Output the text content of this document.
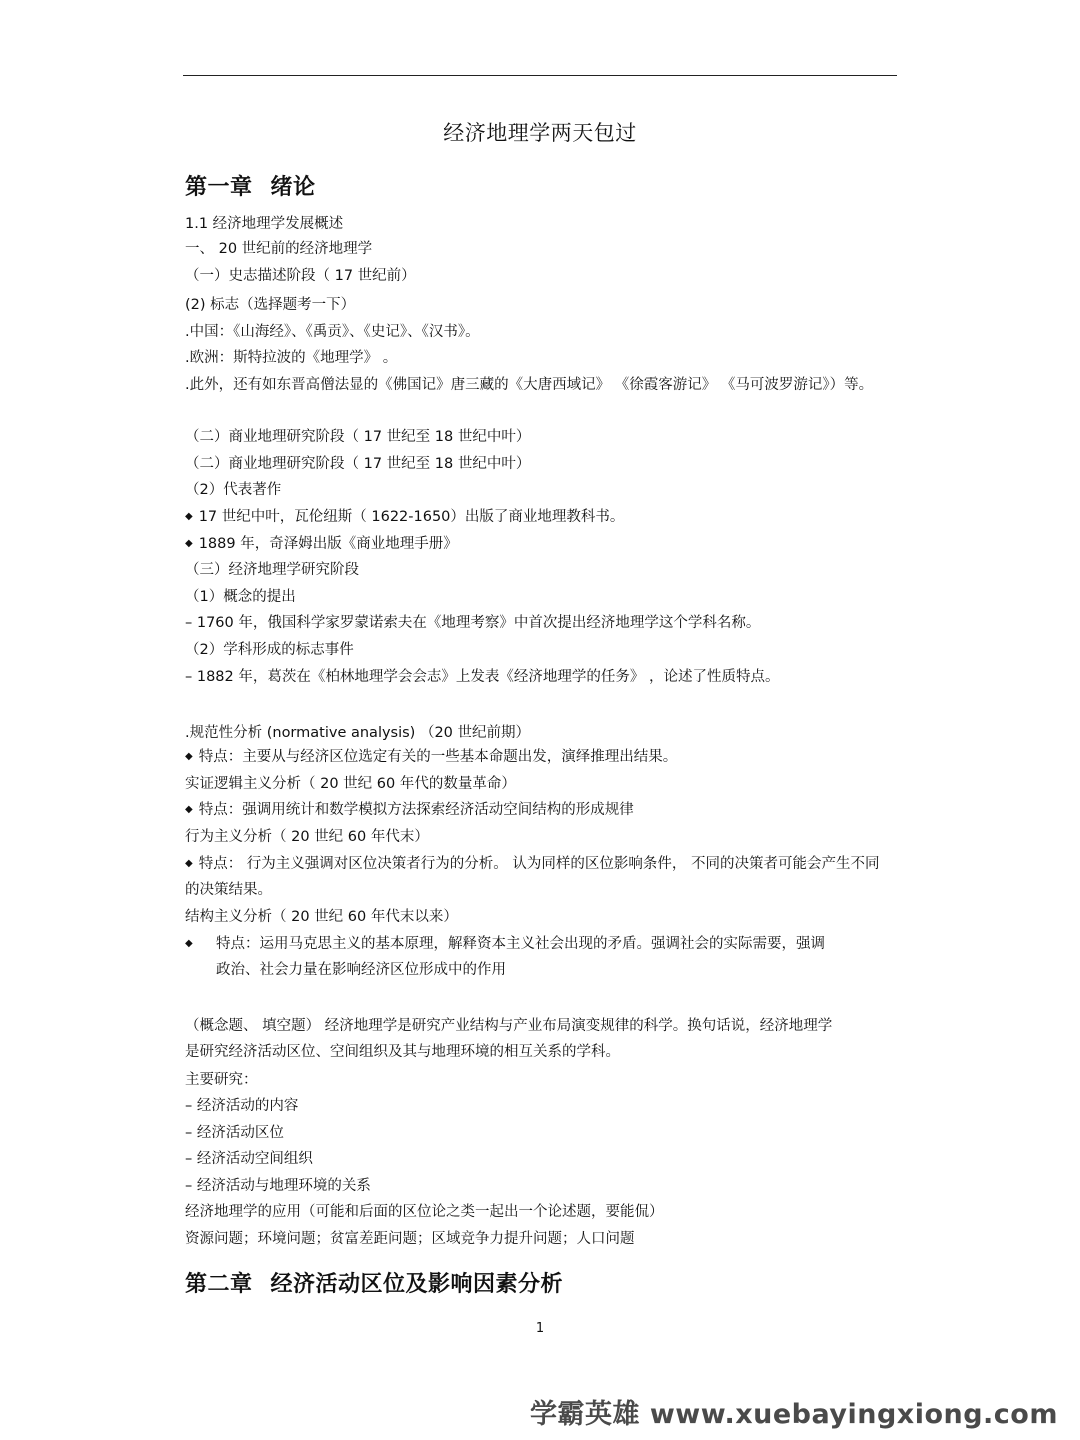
经济地理学两天包过
第一章 绪论
1.1 经济地理学发展概述
一、 20 世纪前的经济地理学
（一）史志描述阶段（ 17 世纪前）
(2) 标志（选择题考一下）
.中国：《山海经》、《禹贡》、《史记》、《汉书》。
.欧洲：斯特拉波的《地理学》 。
.此外，还有如东晋高僧法显的《佛国记》唐三藏的《大唐西域记》 《徐霞客游记》 《马可波罗游记》）等。
（二）商业地理研究阶段（ 17 世纪至 18 世纪中叶）
（二）商业地理研究阶段（ 17 世纪至 18 世纪中叶）
（2）代表著作
◆ 17 世纪中叶，瓦伦纽斯（ 1622-1650）出版了商业地理教科书。
◆ 1889 年，奇泽姆出版《商业地理手册》
（三）经济地理学研究阶段
（1）概念的提出
– 1760 年，俄国科学家罗蒙诺索夫在《地理考察》中首次提出经济地理学这个学科名称。
（2）学科形成的标志事件
– 1882 年，葛茨在《柏林地理学会会志》上发表《经济地理学的任务》 ，论述了性质特点。
.规范性分析 (normative analysis) （20 世纪前期）
◆ 特点：主要从与经济区位选定有关的一些基本命题出发，演绎推理出结果。
实证逻辑主义分析（ 20 世纪 60 年代的数量革命）
◆ 特点：强调用统计和数学模拟方法探索经济活动空间结构的形成规律
行为主义分析（ 20 世纪 60 年代末）
◆ 特点： 行为主义强调对区位决策者行为的分析。 认为同样的区位影响条件， 不同的决策者可能会产生不同的决策结果。
结构主义分析（ 20 世纪 60 年代末以来）
◆ 特点：运用马克思主义的基本原理，解释资本主义社会出现的矛盾。强调社会的实际需要，强调政治、社会力量在影响经济区位形成中的作用
（概念题、 填空题） 经济地理学是研究产业结构与产业布局演变规律的科学。换句话说，经济地理学是研究经济活动区位、空间组织及其与地理环境的相互关系的学科。
主要研究：
– 经济活动的内容
– 经济活动区位
– 经济活动空间组织
– 经济活动与地理环境的关系
经济地理学的应用（可能和后面的区位论之类一起出一个论述题，要能侃）
资源问题；环境问题；贫富差距问题；区域竞争力提升问题；人口问题
第二章 经济活动区位及影响因素分析
1
学霸英雄 www.xuebayingxiong.com
